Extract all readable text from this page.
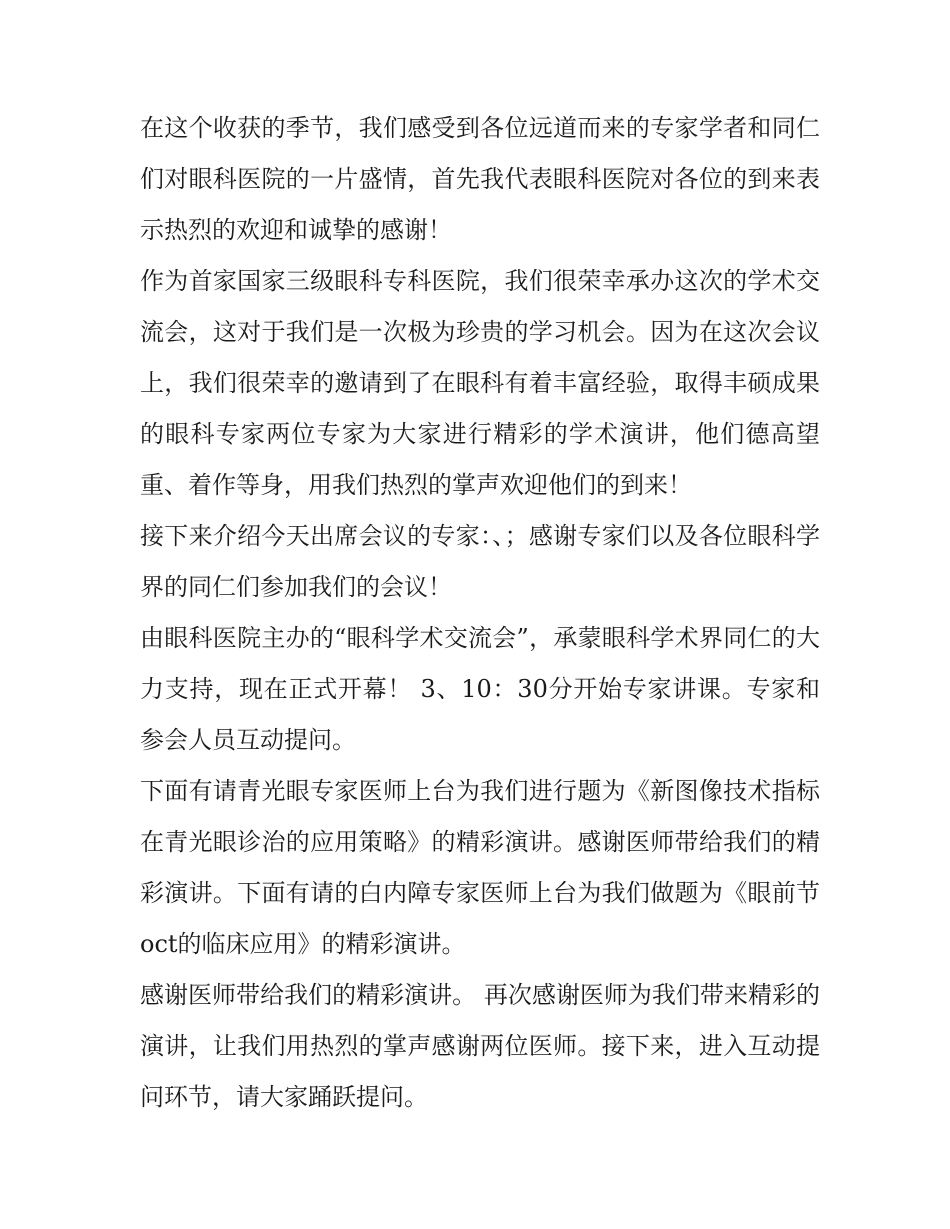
在这个收获的季节，我们感受到各位远道而来的专家学者和同仁们对眼科医院的一片盛情，首先我代表眼科医院对各位的到来表示热烈的欢迎和诚挚的感谢！

作为首家国家三级眼科专科医院，我们很荣幸承办这次的学术交流会，这对于我们是一次极为珍贵的学习机会。因为在这次会议上，我们很荣幸的邀请到了在眼科有着丰富经验，取得丰硕成果的眼科专家两位专家为大家进行精彩的学术演讲，他们德高望重、着作等身，用我们热烈的掌声欢迎他们的到来！

接下来介绍今天出席会议的专家：、；感谢专家们以及各位眼科学界的同仁们参加我们的会议！

由眼科医院主办的“眼科学术交流会”，承蒙眼科学术界同仁的大力支持，现在正式开幕！ 3、10：30分开始专家讲课。专家和参会人员互动提问。

下面有请青光眼专家医师上台为我们进行题为《新图像技术指标在青光眼诊治的应用策略》的精彩演讲。感谢医师带给我们的精彩演讲。下面有请的白内障专家医师上台为我们做题为《眼前节oct的临床应用》的精彩演讲。

感谢医师带给我们的精彩演讲。 再次感谢医师为我们带来精彩的演讲，让我们用热烈的掌声感谢两位医师。接下来，进入互动提问环节，请大家踊跃提问。
